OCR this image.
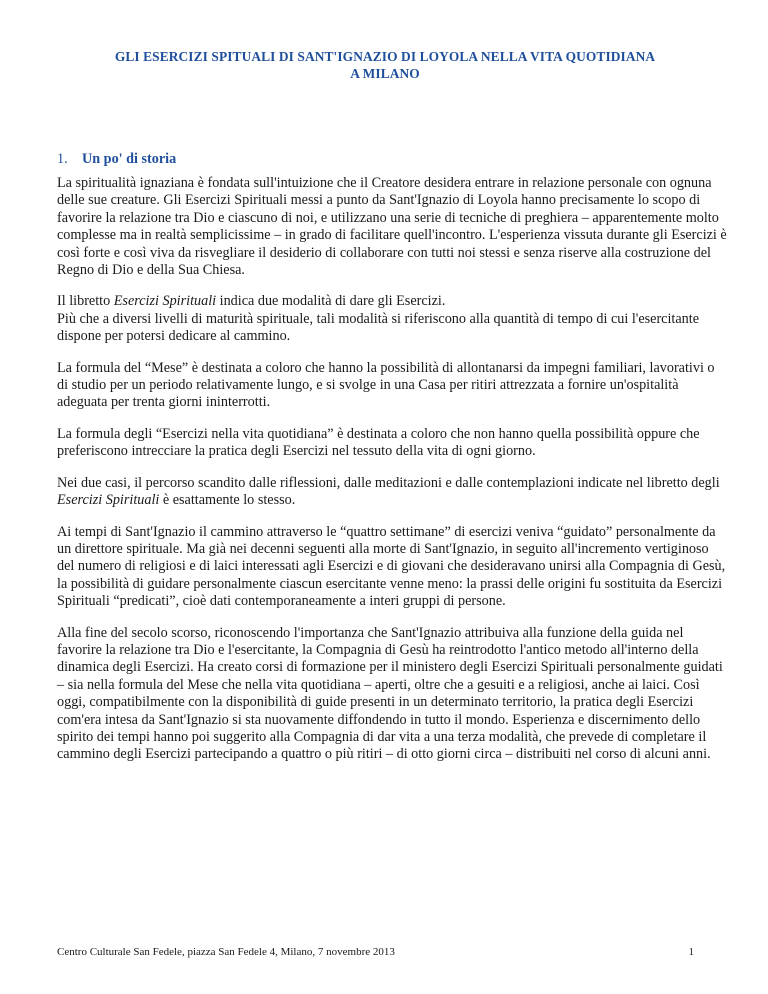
GLI ESERCIZI SPITUALI DI SANT'IGNAZIO DI LOYOLA NELLA VITA QUOTIDIANA
A MILANO
1. Un po' di storia

La spiritualità ignaziana è fondata sull'intuizione che il Creatore desidera entrare in relazione personale con ognuna delle sue creature. Gli Esercizi Spirituali messi a punto da Sant'Ignazio di Loyola hanno precisamente lo scopo di favorire la relazione tra Dio e ciascuno di noi, e utilizzano una serie di tecniche di preghiera – apparentemente molto complesse ma in realtà semplicissime – in grado di facilitare quell'incontro. L'esperienza vissuta durante gli Esercizi è così forte e così viva da risvegliare il desiderio di collaborare con tutti noi stessi e senza riserve alla costruzione del Regno di Dio e della Sua Chiesa.

Il libretto Esercizi Spirituali indica due modalità di dare gli Esercizi.

Più che a diversi livelli di maturità spirituale, tali modalità si riferiscono alla quantità di tempo di cui l'esercitante dispone per potersi dedicare al cammino.

La formula del “Mese” è destinata a coloro che hanno la possibilità di allontanarsi da impegni familiari, lavorativi o di studio per un periodo relativamente lungo, e si svolge in una Casa per ritiri attrezzata a fornire un'ospitalità adeguata per trenta giorni ininterrotti.

La formula degli “Esercizi nella vita quotidiana” è destinata a coloro che non hanno quella possibilità oppure che preferiscono intrecciare la pratica degli Esercizi nel tessuto della vita di ogni giorno.

Nei due casi, il percorso scandito dalle riflessioni, dalle meditazioni e dalle contemplazioni indicate nel libretto degli Esercizi Spirituali è esattamente lo stesso.

Ai tempi di Sant'Ignazio il cammino attraverso le “quattro settimane” di esercizi veniva “guidato” personalmente da un direttore spirituale. Ma già nei decenni seguenti alla morte di Sant'Ignazio, in seguito all'incremento vertiginoso del numero di religiosi e di laici interessati agli Esercizi e di giovani che desideravano unirsi alla Compagnia di Gesù, la possibilità di guidare personalmente ciascun esercitante venne meno: la prassi delle origini fu sostituita da Esercizi Spirituali “predicati”, cioè dati contemporaneamente a interi gruppi di persone.

Alla fine del secolo scorso, riconoscendo l'importanza che Sant'Ignazio attribuiva alla funzione della guida nel favorire la relazione tra Dio e l'esercitante, la Compagnia di Gesù ha reintrodotto l'antico metodo all'interno della dinamica degli Esercizi. Ha creato corsi di formazione per il ministero degli Esercizi Spirituali personalmente guidati – sia nella formula del Mese che nella vita quotidiana – aperti, oltre che a gesuiti e a religiosi, anche ai laici. Così oggi, compatibilmente con la disponibilità di guide presenti in un determinato territorio, la pratica degli Esercizi com'era intesa da Sant'Ignazio si sta nuovamente diffondendo in tutto il mondo. Esperienza e discernimento dello spirito dei tempi hanno poi suggerito alla Compagnia di dar vita a una terza modalità, che prevede di completare il cammino degli Esercizi partecipando a quattro o più ritiri – di otto giorni circa – distribuiti nel corso di alcuni anni.

Centro Culturale San Fedele, piazza San Fedele 4, Milano, 7 novembre 2013	1
